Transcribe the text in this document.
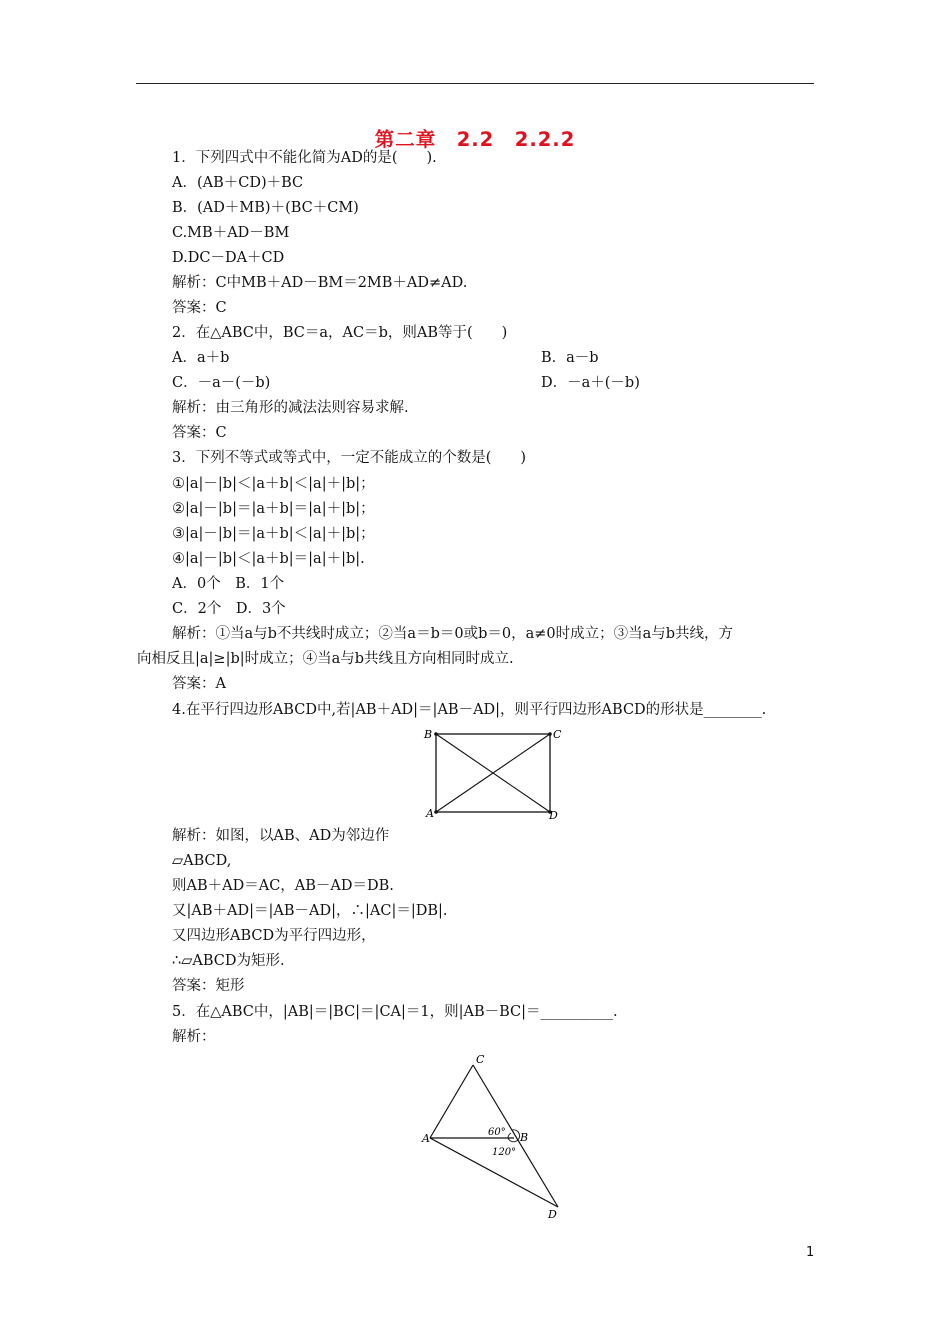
第二章　2.2　2.2.2
1．下列四式中不能化简为AD的是(　　).
A．(AB＋CD)＋BC
B．(AD＋MB)＋(BC＋CM)
C.MB＋AD－BM
D.DC－DA＋CD
解析：C中MB＋AD－BM＝2MB＋AD≠AD.
答案：C
2．在△ABC中，BC＝a，AC＝b，则AB等于(　　)
A．a＋b	B．a－b
C．－a－(－b)	D．－a＋(－b)
解析：由三角形的减法法则容易求解.
答案：C
3．下列不等式或等式中，一定不能成立的个数是(　　)
①|a|－|b|＜|a＋b|＜|a|＋|b|；
②|a|－|b|＝|a＋b|＝|a|＋|b|；
③|a|－|b|＝|a＋b|＜|a|＋|b|；
④|a|－|b|＜|a＋b|＝|a|＋|b|.
A．0个　B．1个
C．2个　D．3个
解析：①当a与b不共线时成立；②当a＝b＝0或b＝0，a≠0时成立；③当a与b共线，方
向相反且|a|≥|b|时成立；④当a与b共线且方向相同时成立.
答案：A
4.在平行四边形ABCD中,若|AB＋AD|＝|AB－AD|，则平行四边形ABCD的形状是________.
B	C
A	D
解析：如图，以AB、AD为邻边作
▱ABCD,
则AB＋AD＝AC，AB－AD＝DB.
又|AB＋AD|＝|AB－AD|，∴|AC|＝|DB|.
又四边形ABCD为平行四边形，
∴▱ABCD为矩形.
答案：矩形
5．在△ABC中，|AB|＝|BC|＝|CA|＝1，则|AB－BC|＝__________.
解析：
C
A	B
D
60°
120°
1
